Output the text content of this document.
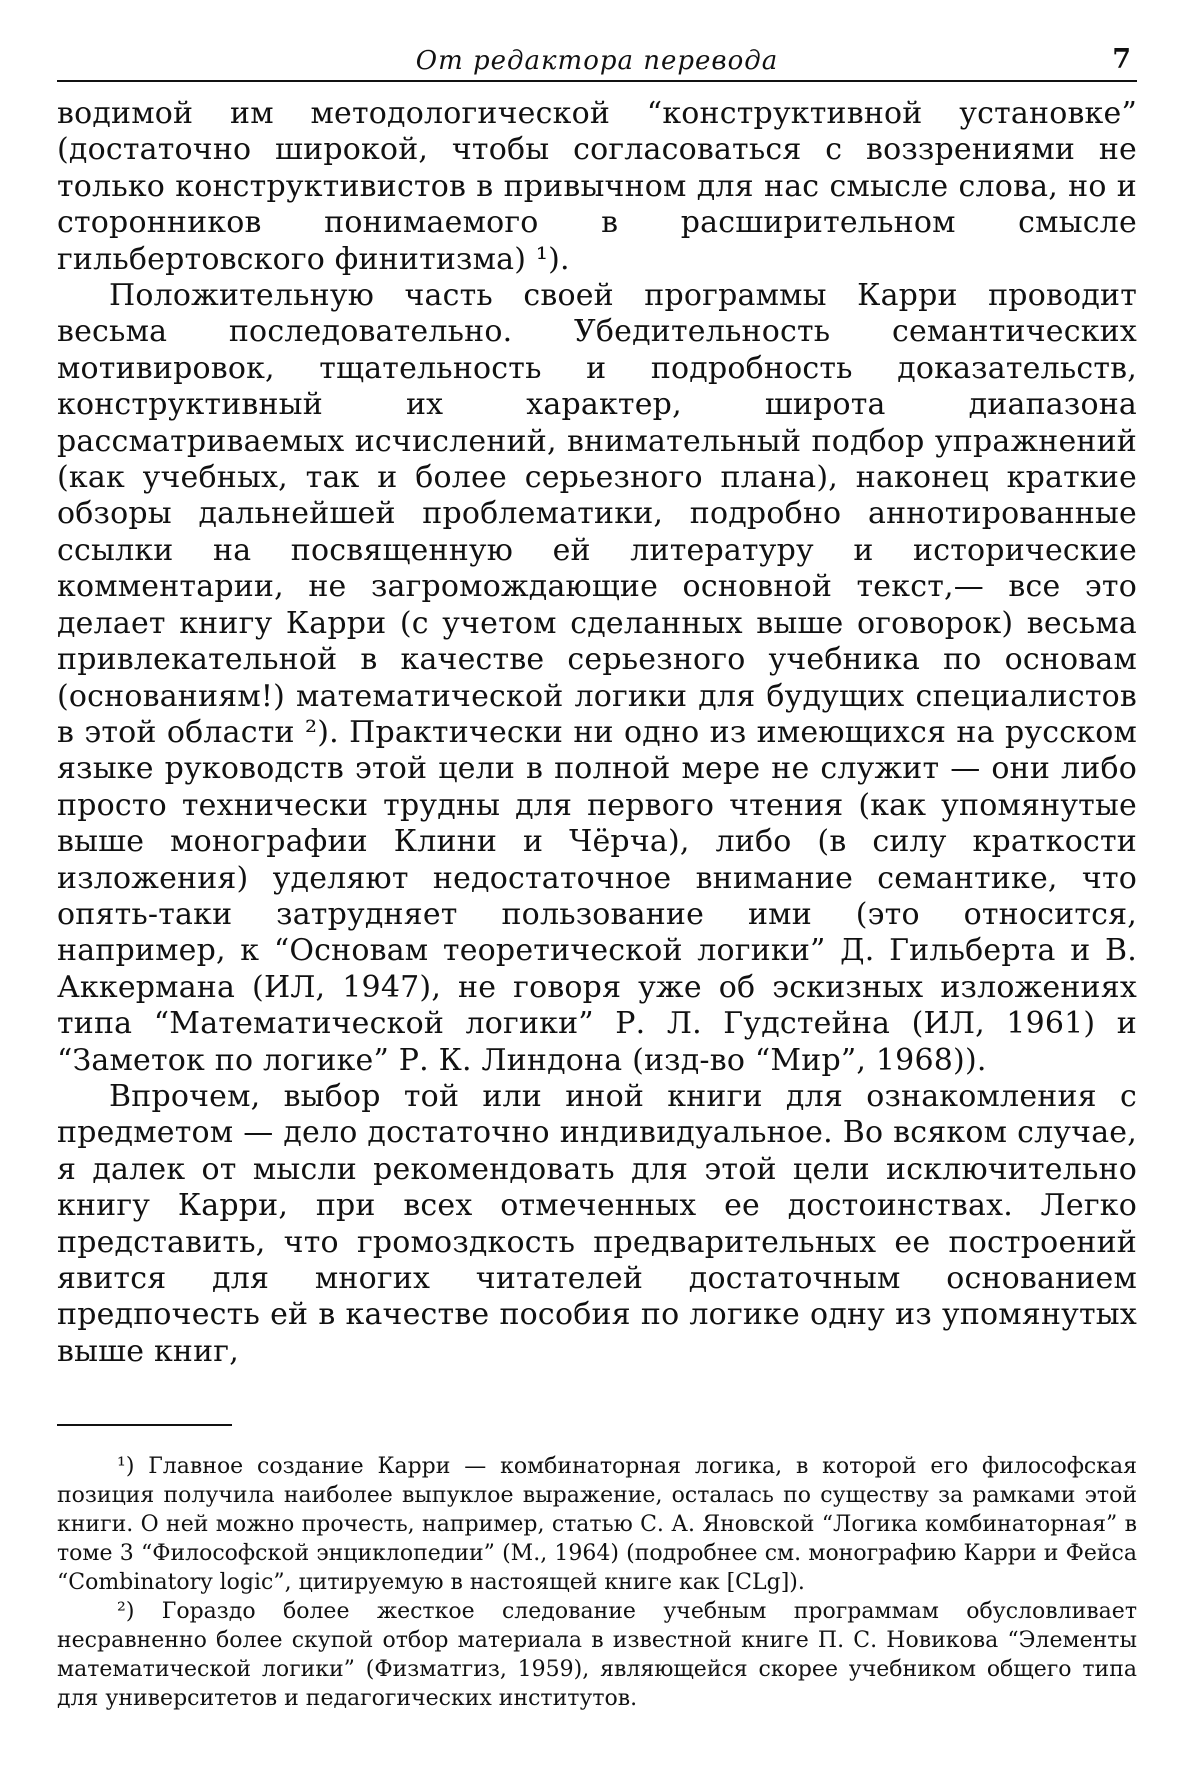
От редактора перевода	7

водимой им методологической “конструктивной установке” (достаточно широкой, чтобы согласоваться с воззрениями не только конструктивистов в привычном для нас смысле слова, но и сторонников понимаемого в расширительном смысле гильбертовского финитизма) ¹).

Положительную часть своей программы Карри проводит весьма последовательно. Убедительность семантических мотивировок, тщательность и подробность доказательств, конструктивный их характер, широта диапазона рассматриваемых исчислений, внимательный подбор упражнений (как учебных, так и более серьезного плана), наконец краткие обзоры дальнейшей проблематики, подробно аннотированные ссылки на посвященную ей литературу и исторические комментарии, не загромождающие основной текст,— все это делает книгу Карри (с учетом сделанных выше оговорок) весьма привлекательной в качестве серьезного учебника по основам (основаниям!) математической логики для будущих специалистов в этой области ²). Практически ни одно из имеющихся на русском языке руководств этой цели в полной мере не служит — они либо просто технически трудны для первого чтения (как упомянутые выше монографии Клини и Чёрча), либо (в силу краткости изложения) уделяют недостаточное внимание семантике, что опять-таки затрудняет пользование ими (это относится, например, к “Основам теоретической логики” Д. Гильберта и В. Аккермана (ИЛ, 1947), не говоря уже об эскизных изложениях типа “Математической логики” Р. Л. Гудстейна (ИЛ, 1961) и “Заметок по логике” Р. К. Линдона (изд-во “Мир”, 1968)).

Впрочем, выбор той или иной книги для ознакомления с предметом — дело достаточно индивидуальное. Во всяком случае, я далек от мысли рекомендовать для этой цели исключительно книгу Карри, при всех отмеченных ее достоинствах. Легко представить, что громоздкость предварительных ее построений явится для многих читателей достаточным основанием предпочесть ей в качестве пособия по логике одну из упомянутых выше книг,

¹) Главное создание Карри — комбинаторная логика, в которой его философская позиция получила наиболее выпуклое выражение, осталась по существу за рамками этой книги. О ней можно прочесть, например, статью С. А. Яновской “Логика комбинаторная” в томе 3 “Философской энциклопедии” (М., 1964) (подробнее см. монографию Карри и Фейса “Combinatory logic”, цитируемую в настоящей книге как [CLg]).

²) Гораздо более жесткое следование учебным программам обусловливает несравненно более скупой отбор материала в известной книге П. С. Новикова “Элементы математической логики” (Физматгиз, 1959), являющейся скорее учебником общего типа для университетов и педагогических институтов.
